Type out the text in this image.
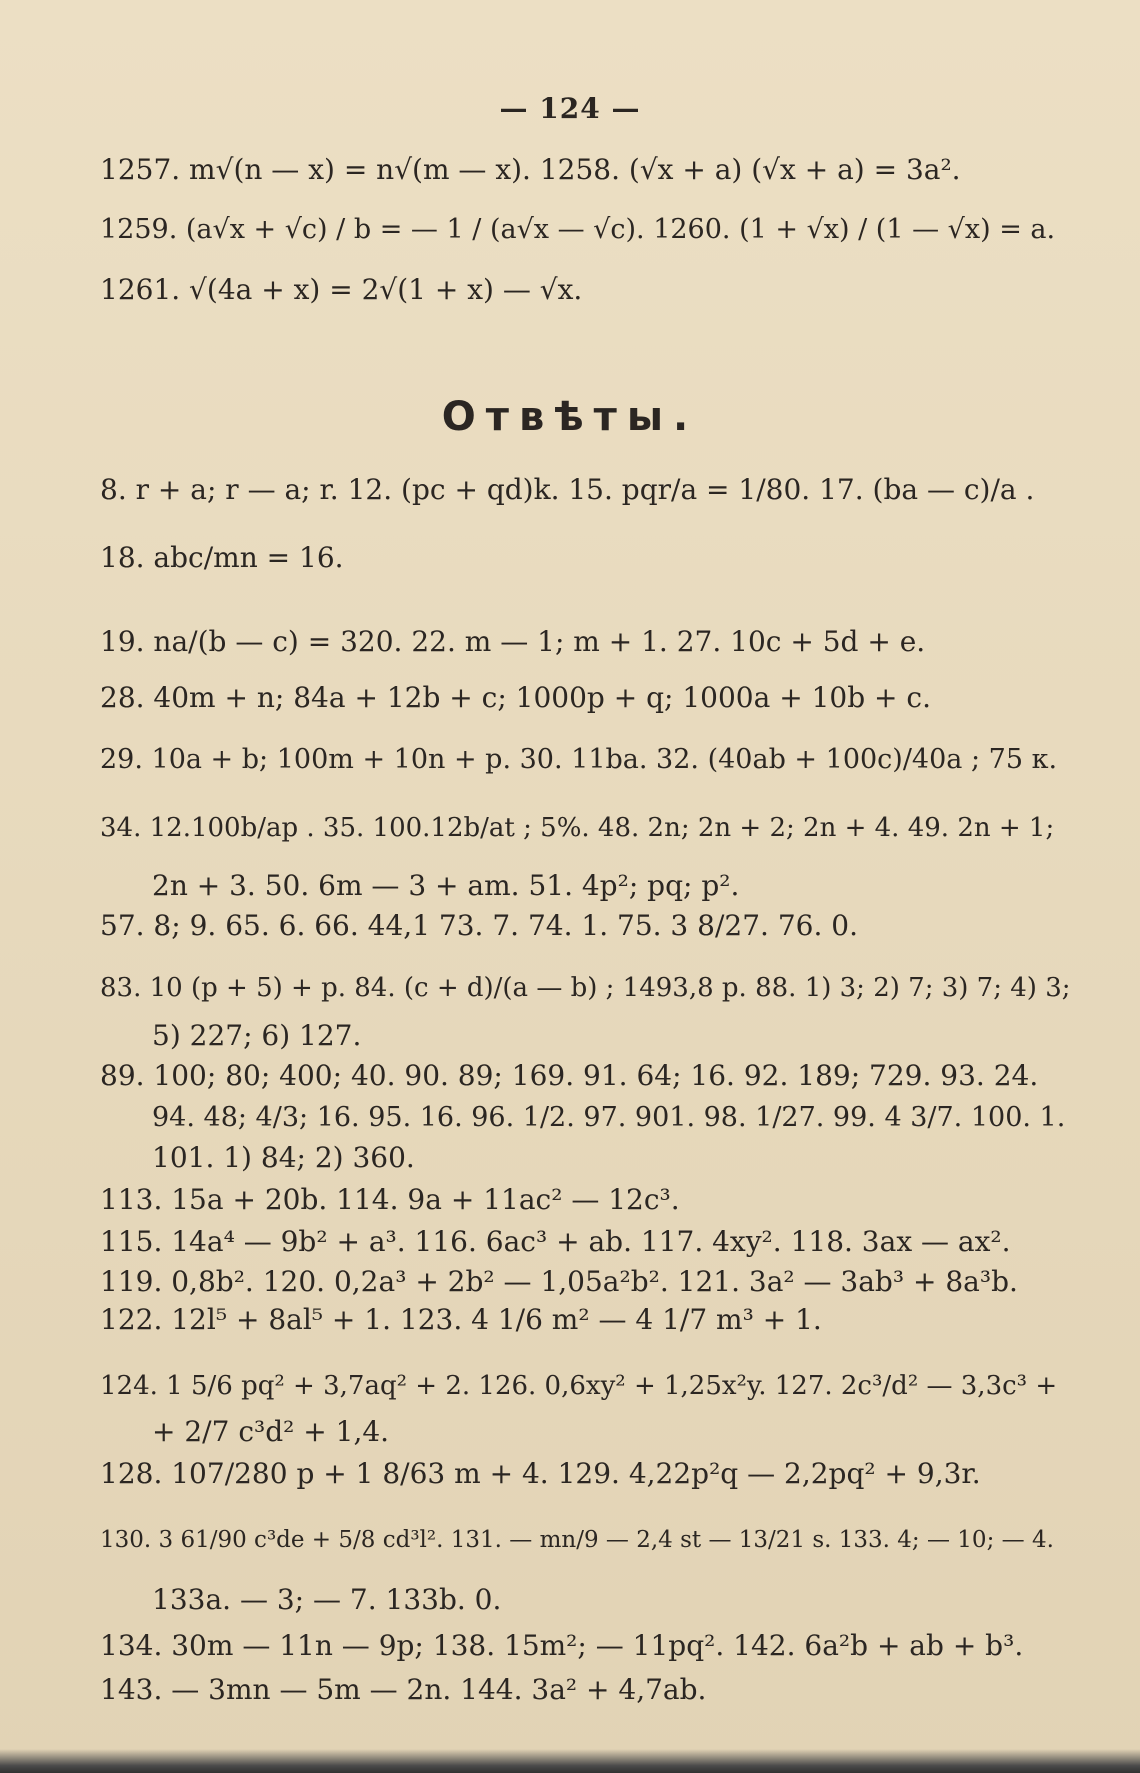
— 124 —
1257. m√(n — x) = n√(m — x). 1258. (√x + a) (√x + a) = 3a².
1259. (a√x + √c) / b = — 1 / (a√x — √c). 1260. (1 + √x) / (1 — √x) = a.
1261. √(4a + x) = 2√(1 + x) — √x.
Отвѣты.
8. r + a; r — a; r. 12. (pc + qd)k. 15. pqr/a = 1/80. 17. (ba — c)/a .
18. abc/mn = 16.
19. na/(b — c) = 320. 22. m — 1; m + 1. 27. 10c + 5d + e.
28. 40m + n; 84a + 12b + c; 1000p + q; 1000a + 10b + c.
29. 10a + b; 100m + 10n + p. 30. 11ba. 32. (40ab + 100c)/40a ; 75 к.
34. 12.100b/ap . 35. 100.12b/at ; 5%. 48. 2n; 2n + 2; 2n + 4. 49. 2n + 1;
2n + 3. 50. 6m — 3 + am. 51. 4p²; pq; p².
57. 8; 9. 65. 6. 66. 44,1 73. 7. 74. 1. 75. 3 8/27. 76. 0.
83. 10 (p + 5) + p. 84. (c + d)/(a — b) ; 1493,8 р. 88. 1) 3; 2) 7; 3) 7; 4) 3;
5) 227; 6) 127.
89. 100; 80; 400; 40. 90. 89; 169. 91. 64; 16. 92. 189; 729. 93. 24.
94. 48; 4/3; 16. 95. 16. 96. 1/2. 97. 901. 98. 1/27. 99. 4 3/7. 100. 1.
101. 1) 84; 2) 360.
113. 15a + 20b. 114. 9a + 11ac² — 12c³.
115. 14a⁴ — 9b² + a³. 116. 6ac³ + ab. 117. 4xy². 118. 3ax — ax².
119. 0,8b². 120. 0,2a³ + 2b² — 1,05a²b². 121. 3a² — 3ab³ + 8a³b.
122. 12l⁵ + 8al⁵ + 1. 123. 4 1/6 m² — 4 1/7 m³ + 1.
124. 1 5/6 pq² + 3,7aq² + 2. 126. 0,6xy² + 1,25x²y. 127. 2c³/d² — 3,3c³ +
+ 2/7 c³d² + 1,4.
128. 107/280 p + 1 8/63 m + 4. 129. 4,22p²q — 2,2pq² + 9,3r.
130. 3 61/90 c³de + 5/8 cd³l². 131. — mn/9 — 2,4 st — 13/21 s. 133. 4; — 10; — 4.
133a. — 3; — 7. 133b. 0.
134. 30m — 11n — 9p; 138. 15m²; — 11pq². 142. 6a²b + ab + b³.
143. — 3mn — 5m — 2n. 144. 3a² + 4,7ab.
